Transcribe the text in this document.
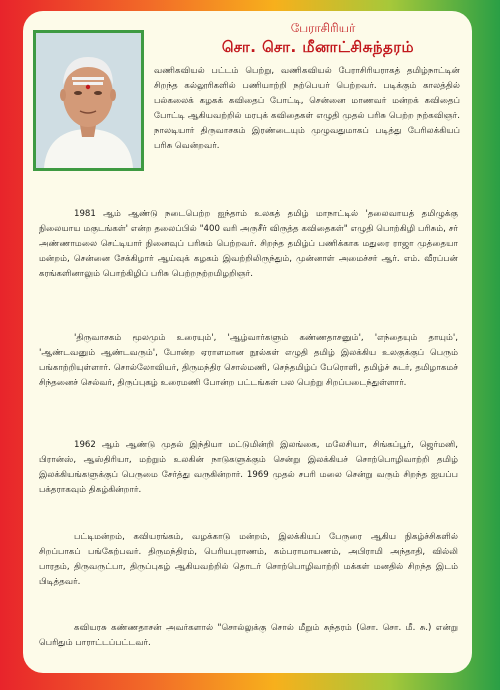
பேராசிரியர்
சொ. சொ. மீனாட்சிசுந்தரம்

வணிகவியல் பட்டம் பெற்று, வணிகவியல் பேராசிரியராகத் தமிழ்நாட்டின் சிறந்த கல்லூரிகளில் பணியாற்றி நற்பெயர் பெற்றவர். படிக்கும் காலத்தில் பல்கலைக் கழகக் கவிதைப் போட்டி, சென்னை மாணவர் மன்றக் கவிதைப் போட்டி ஆகியவற்றில் மரபுக் கவிதைகள் எழுதி முதல் பரிசு பெற்ற நற்கவிஞர். நாலடியார் திருவாசகம் இரண்டையும் முழுவதுமாகப் படித்து பேரிலக்கியப் பரிசு வென்றவர்.

1981 ஆம் ஆண்டு நடைபெற்ற ஐந்தாம் உலகத் தமிழ் மாநாட்டில் 'தலைவாயத் தமிழுக்கு நிலையாய மகுடங்கள்' என்ற தலைப்பில் "400 வரி அருசீர் விருத்த கவிதைகள்" எழுதி பொற்கிழி பரிசும், சர் அண்ணாமலை செட்டியார் நினைவுப் பரிசும் பெற்றவர். சிறந்த தமிழ்ப் பணிக்காக மதுரை ராஜா முத்தையா மன்றம், சென்னை சேக்கிழார் ஆய்வுக் கழகம் இவற்றிலிருந்தும், முன்னாள் அமைச்சர் ஆர். எம். வீரப்பன் கரங்களினாலும் பொற்கிழிப் பரிசு பெற்றநற்றமிழறிஞர்.

'திருவாசகம் மூலமும் உரையும்', 'ஆழ்வார்களும் கண்ணதாசனும்', 'எந்தையும் தாயும்', 'ஆண்டவனும் ஆண்டவரும்', போன்ற ஏராளமான நூல்கள் எழுதி தமிழ் இலக்கிய உலகுக்குப் பெரும் பங்காற்றியுள்ளார். சொல்லோவியர், திருமந்திர சொல்மணி, செந்தமிழ்ப் பேரொளி, தமிழ்ச் சுடர், தமிழாகமச் சிந்தனைச் செல்வர், திருப்புகழ் உரைமணி போன்ற பட்டங்கள் பல பெற்று சிறப்படைந்துள்ளார்.

1962 ஆம் ஆண்டு முதல் இந்தியா மட்டுமின்றி இலங்கை, மலேசியா, சிங்கப்பூர், ஜெர்மனி, பிரான்ஸ், ஆஸ்திரியா, மற்றும் உலகின் நாடுகளுக்கும் சென்று இலக்கியச் சொற்பொழிவாற்றி தமிழ் இலக்கியங்களுக்குப் பெருமை சேர்த்து வருகின்றார். 1969 முதல் சபரி மலை சென்று வரும் சிறந்த ஐயப்ப பக்தராகவும் திகழ்கின்றார்.

பட்டிமன்றம், கவியரங்கம், வழக்காடு மன்றம், இலக்கியப் பேருரை ஆகிய நிகழ்ச்சிகளில் சிறப்பாகப் பங்கேற்பவர். திருமந்திரம், பெரியபுராணம், கம்பராமாயணம், அபிராமி அந்தாதி, வில்லி பாரதம், திருவருட்பா, திருப்புகழ் ஆகியவற்றில் தொடர் சொற்பொழிவாற்றி மக்கள் மனதில் சிறந்த இடம் பிடித்தவர்.

கவியரசு கண்ணதாசன் அவர்களால் "சொல்லுக்கு சொல் மீறும் சுந்தரம் (சொ. சொ. மீ. சு.) என்று பெரிதும் பாராட்டப்பட்டவர்.
